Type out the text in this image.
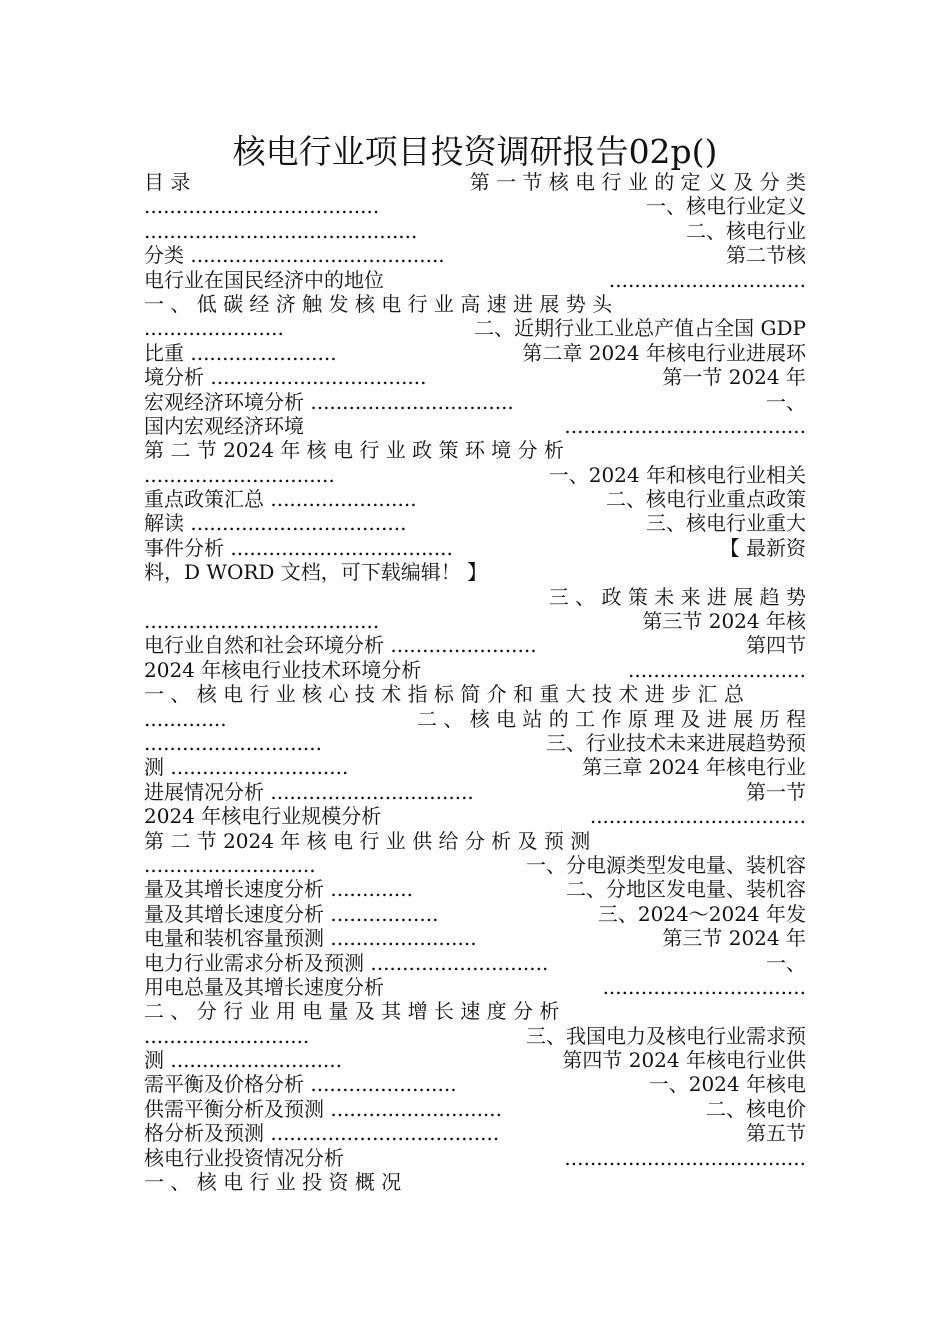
核电行业项目投资调研报告02p()
目 录	第 一 节 核 电 行 业 的 定 义 及 分 类
.....................................	一、核电行业定义
...........................................	二、核电行业
分类 ........................................	第二节核
电行业在国民经济中的地位	...............................
一 、 低 碳 经 济 触 发 核 电 行 业 高 速 进 展 势 头
......................	二、近期行业工业总产值占全国 GDP
比重 .......................	第二章 2024 年核电行业进展环
境分析 ..................................	第一节 2024 年
宏观经济环境分析 ................................	一、
国内宏观经济环境	......................................
第 二 节 2024 年 核 电 行 业 政 策 环 境 分 析
..............................	一、2024 年和核电行业相关
重点政策汇总 .......................	二、核电行业重点政策
解读 ..................................	三、核电行业重大
事件分析 ...................................	【 最新资
料，D WORD 文档，可下载编辑！ 】
三 、 政 策 未 来 进 展 趋 势
.....................................	第三节 2024 年核
电行业自然和社会环境分析 .......................	第四节
2024 年核电行业技术环境分析	............................
一 、 核 电 行 业 核 心 技 术 指 标 简 介 和 重 大 技 术 进 步 汇 总
.............	二 、 核 电 站 的 工 作 原 理 及 进 展 历 程
............................	三、行业技术未来进展趋势预
测 ............................	第三章 2024 年核电行业
进展情况分析 ................................	第一节
2024 年核电行业规模分析	..................................
第 二 节 2024 年 核 电 行 业 供 给 分 析 及 预 测
...........................	一、分电源类型发电量、装机容
量及其增长速度分析 .............	二、分地区发电量、装机容
量及其增长速度分析 .................	三、2024～2024 年发
电量和装机容量预测 .......................	第三节 2024 年
电力行业需求分析及预测 ............................	一、
用电总量及其增长速度分析	................................
二 、 分 行 业 用 电 量 及 其 增 长 速 度 分 析
..........................	三、我国电力及核电行业需求预
测 ...........................	第四节 2024 年核电行业供
需平衡及价格分析 .......................	一、2024 年核电
供需平衡分析及预测 ...........................	二、核电价
格分析及预测 ....................................	第五节
核电行业投资情况分析	......................................
一 、 核 电 行 业 投 资 概 况
